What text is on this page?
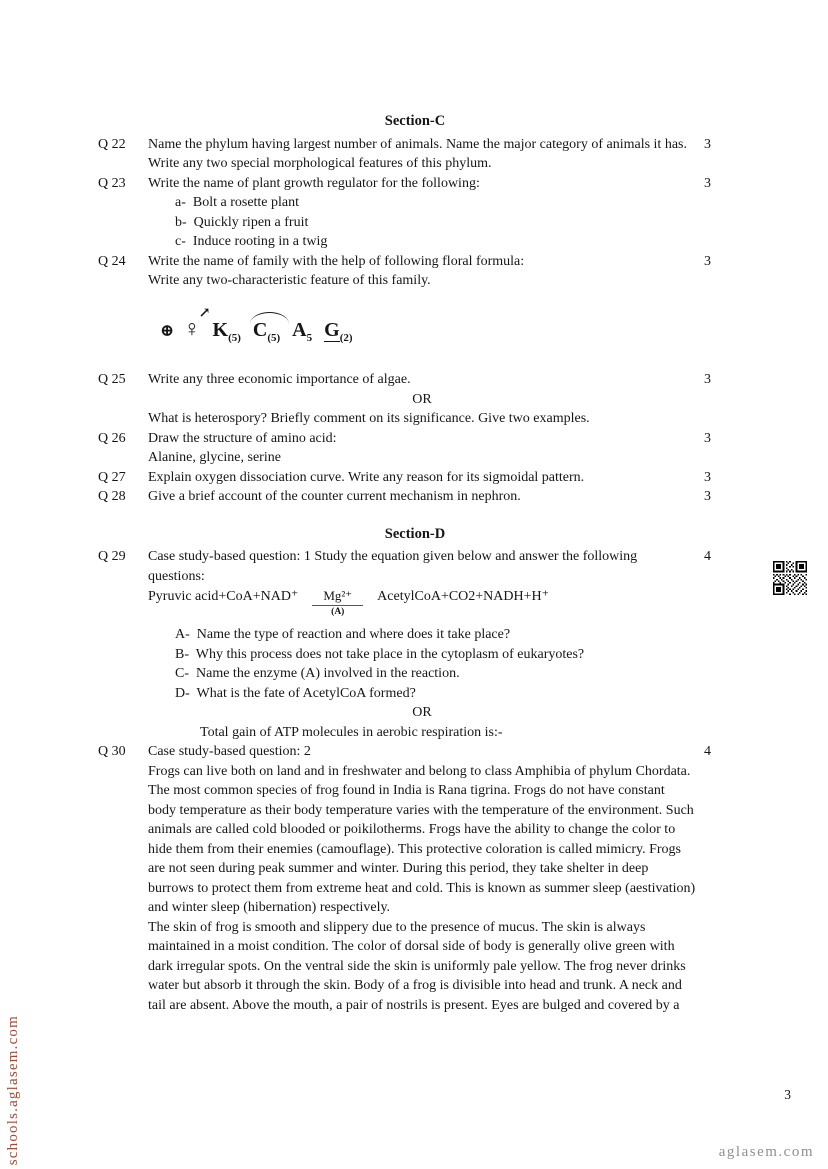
Section-C
Q 22	Name the phylum having largest number of animals. Name the major category of animals it has. Write any two special morphological features of this phylum.
3
Q 23	Write the name of plant growth regulator for the following:
a-  Bolt a rosette plant
b-  Quickly ripen a fruit
c-  Induce rooting in a twig
3
Q 24	Write the name of family with the help of following floral formula:
Write any two-characteristic feature of this family.
⊕ ♀
↗
$K_{(5)}$ $C_{(5)}$ $A_5$ $G_{(2)}$
3
Q 25	Write any three economic importance of algae.
OR
What is heterospory? Briefly comment on its significance. Give two examples.
3
Q 26	Draw the structure of amino acid:
Alanine, glycine, serine
3
Q 27	Explain oxygen dissociation curve. Write any reason for its sigmoidal pattern.	3
Q 28	Give a brief account of the counter current mechanism in nephron.	3
Section-D
Q 29	Case study-based question: 1 Study the equation given below and answer the following questions:
Pyruvic acid+CoA+NAD⁺	Mg²⁺
(A)
AcetylCoA+CO2+NADH+H⁺
A-  Name the type of reaction and where does it take place?
B-  Why this process does not take place in the cytoplasm of eukaryotes?
C-  Name the enzyme (A) involved in the reaction.
D-  What is the fate of AcetylCoA formed?
OR
Total gain of ATP molecules in aerobic respiration is:-
4
Q 30	Case study-based question: 2
Frogs can live both on land and in freshwater and belong to class Amphibia of phylum Chordata. The most common species of frog found in India is Rana tigrina. Frogs do not have constant body temperature as their body temperature varies with the temperature of the environment. Such animals are called cold blooded or poikilotherms. Frogs have the ability to change the color to hide them from their enemies (camouflage). This protective coloration is called mimicry. Frogs are not seen during peak summer and winter. During this period, they take shelter in deep burrows to protect them from extreme heat and cold. This is known as summer sleep (aestivation) and winter sleep (hibernation) respectively.
The skin of frog is smooth and slippery due to the presence of mucus. The skin is always maintained in a moist condition. The color of dorsal side of body is generally olive green with dark irregular spots. On the ventral side the skin is uniformly pale yellow. The frog never drinks water but absorb it through the skin. Body of a frog is divisible into head and trunk. A neck and tail are absent. Above the mouth, a pair of nostrils is present. Eyes are bulged and covered by a
4
3
schools.aglasem.com	aglasem.com
